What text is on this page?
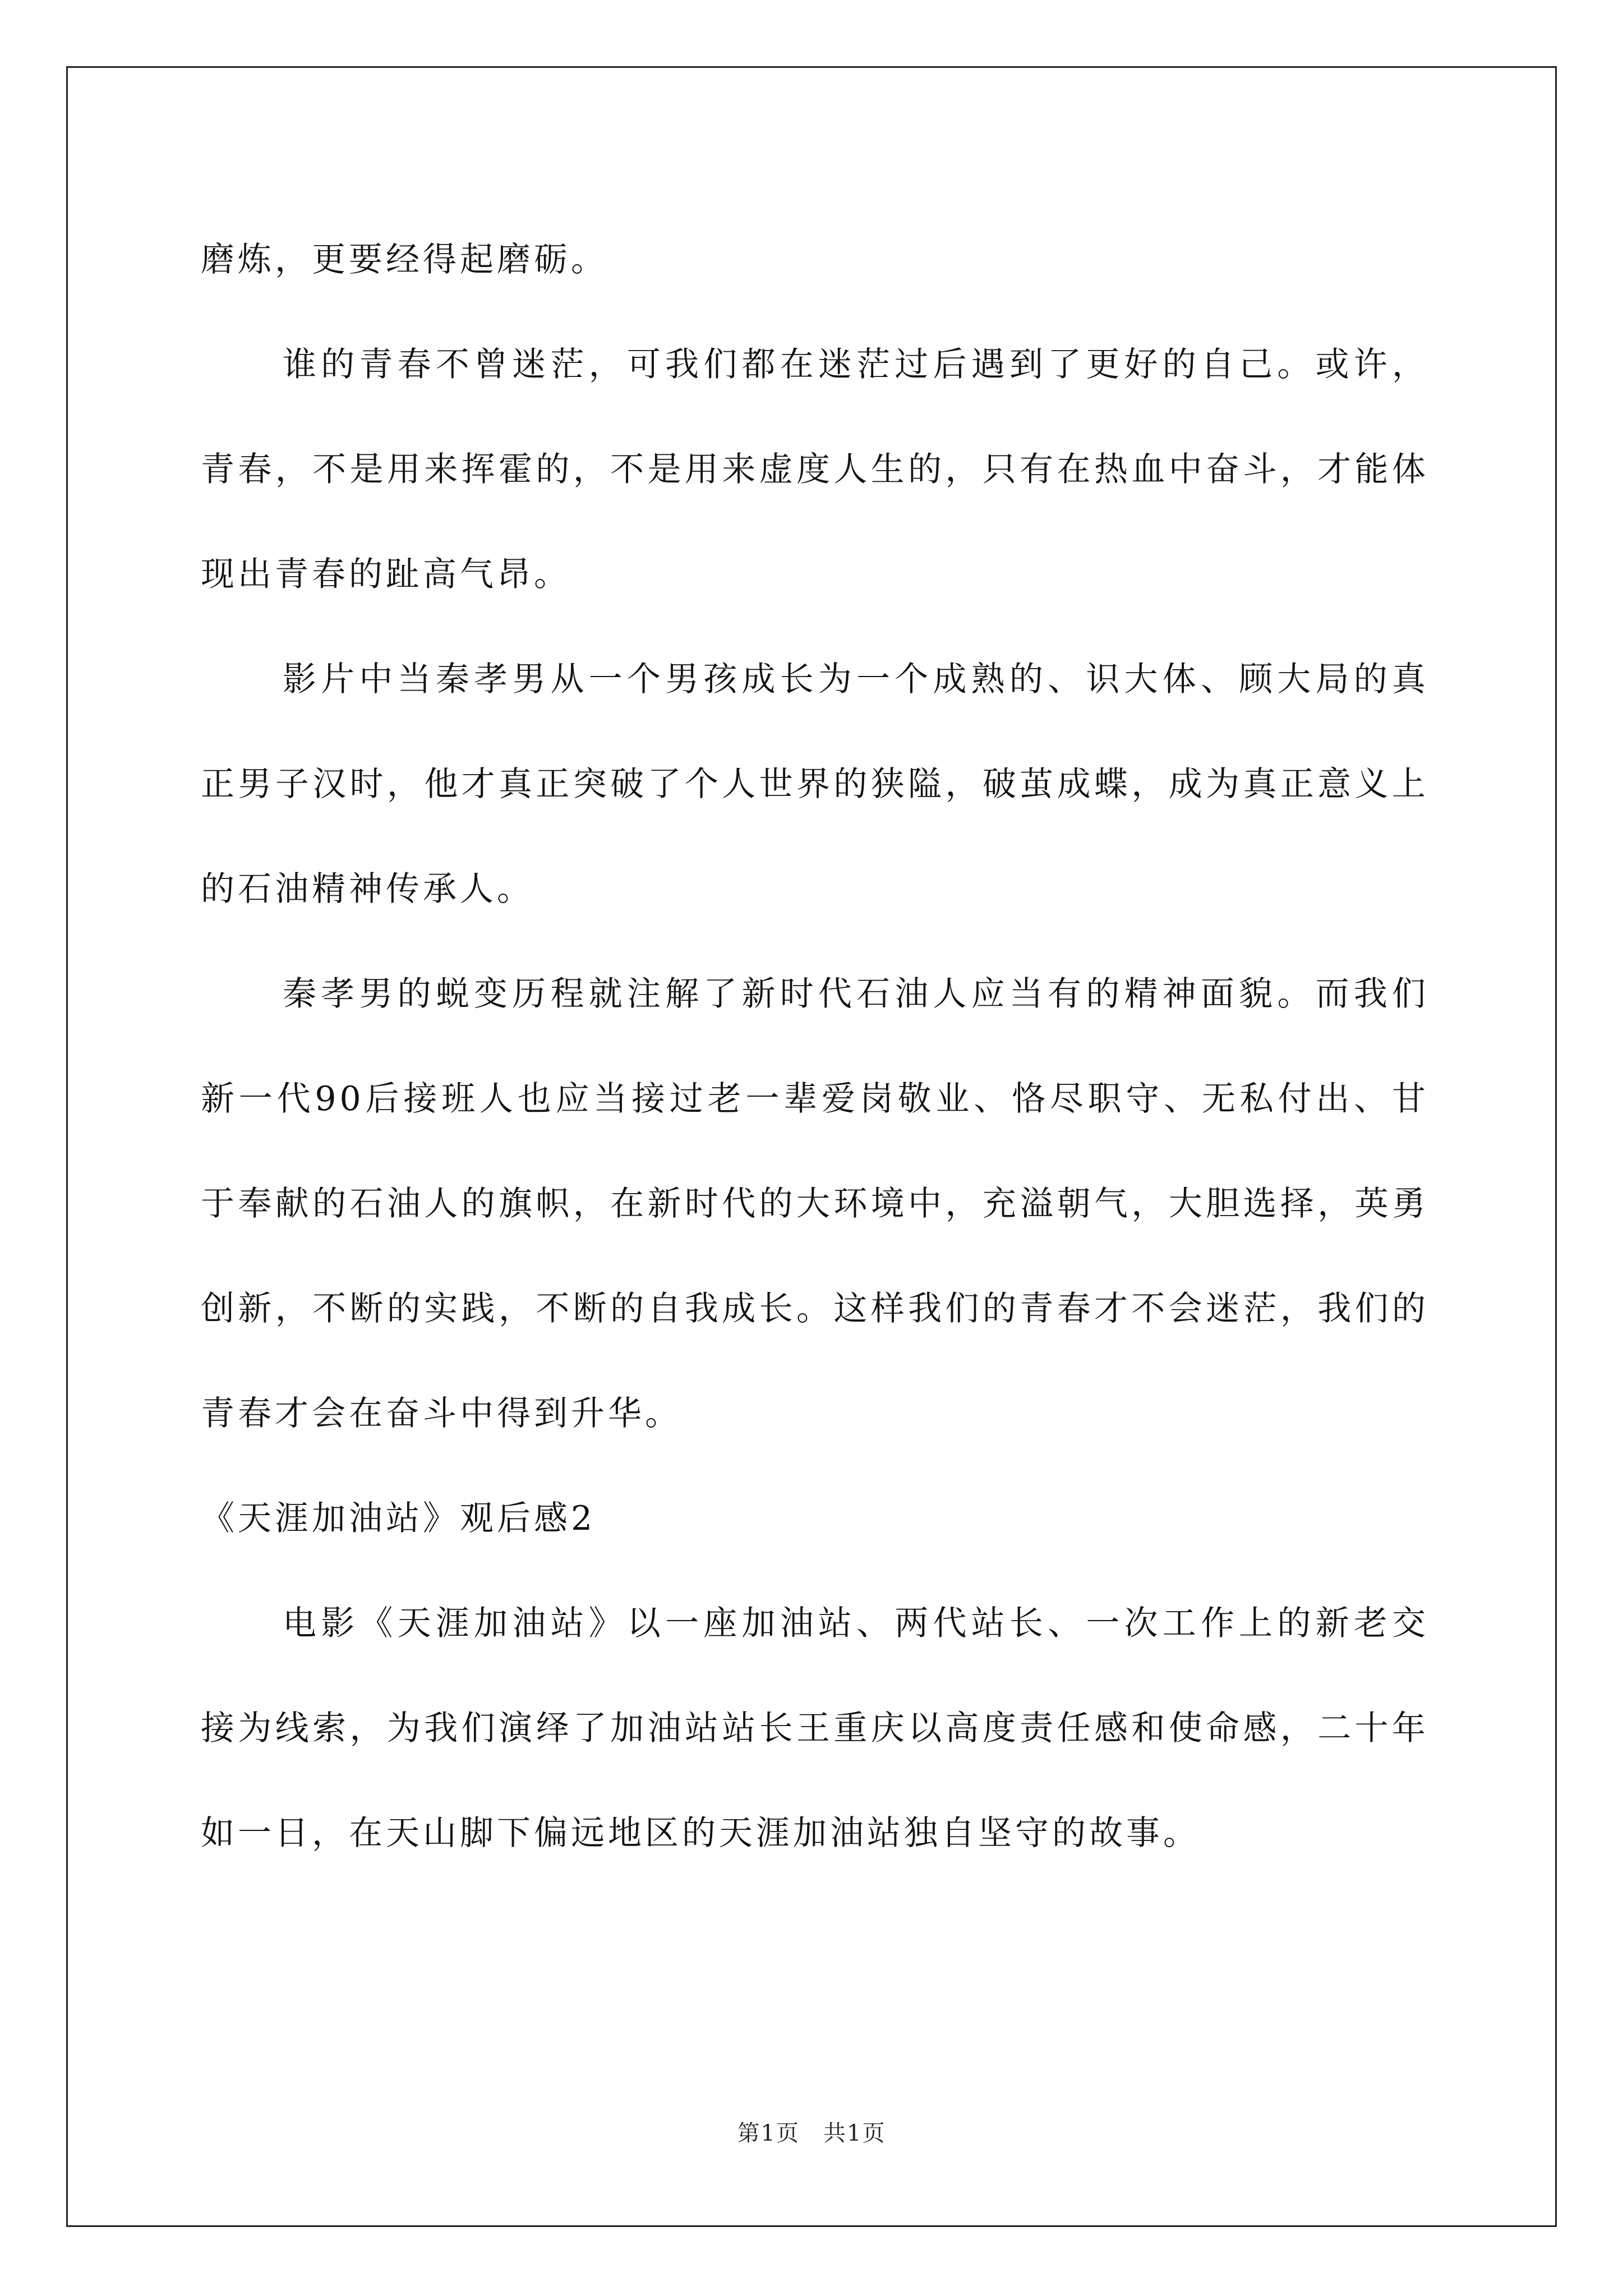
磨炼，更要经得起磨砺。

谁的青春不曾迷茫，可我们都在迷茫过后遇到了更好的自己。或许，青春，不是用来挥霍的，不是用来虚度人生的，只有在热血中奋斗，才能体现出青春的趾高气昂。

影片中当秦孝男从一个男孩成长为一个成熟的、识大体、顾大局的真正男子汉时，他才真正突破了个人世界的狭隘，破茧成蝶，成为真正意义上的石油精神传承人。

秦孝男的蜕变历程就注解了新时代石油人应当有的精神面貌。而我们新一代90后接班人也应当接过老一辈爱岗敬业、恪尽职守、无私付出、甘于奉献的石油人的旗帜，在新时代的大环境中，充溢朝气，大胆选择，英勇创新，不断的实践，不断的自我成长。这样我们的青春才不会迷茫，我们的青春才会在奋斗中得到升华。

《天涯加油站》观后感2

电影《天涯加油站》以一座加油站、两代站长、一次工作上的新老交接为线索，为我们演绎了加油站站长王重庆以高度责任感和使命感，二十年如一日，在天山脚下偏远地区的天涯加油站独自坚守的故事。

第1页　共1页
